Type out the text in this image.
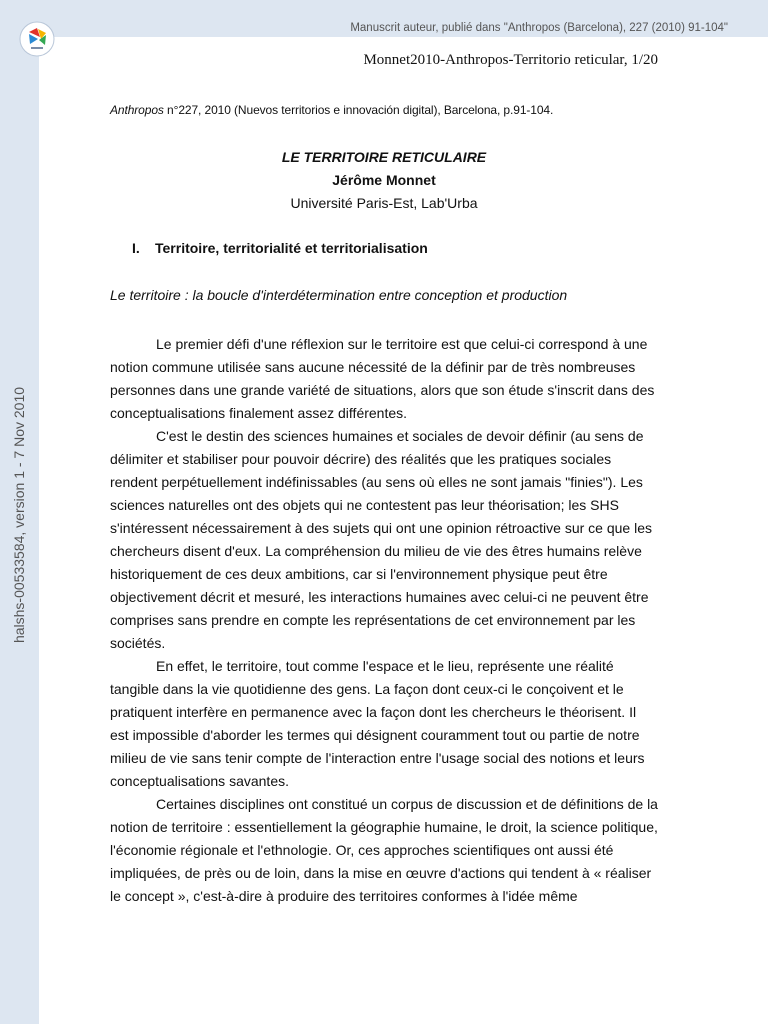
Manuscrit auteur, publié dans "Anthropos (Barcelona), 227 (2010) 91-104"
halshs-00533584, version 1 - 7 Nov 2010
Monnet2010-Anthropos-Territorio reticular, 1/20
Anthropos n°227, 2010 (Nuevos territorios e innovación digital), Barcelona, p.91-104.
LE TERRITOIRE RETICULAIRE
Jérôme Monnet
Université Paris-Est, Lab'Urba
I. Territoire, territorialité et territorialisation
Le territoire : la boucle d'interdétermination entre conception et production

Le premier défi d'une réflexion sur le territoire est que celui-ci correspond à une notion commune utilisée sans aucune nécessité de la définir par de très nombreuses personnes dans une grande variété de situations, alors que son étude s'inscrit dans des conceptualisations finalement assez différentes.

C'est le destin des sciences humaines et sociales de devoir définir (au sens de délimiter et stabiliser pour pouvoir décrire) des réalités que les pratiques sociales rendent perpétuellement indéfinissables (au sens où elles ne sont jamais "finies"). Les sciences naturelles ont des objets qui ne contestent pas leur théorisation; les SHS s'intéressent nécessairement à des sujets qui ont une opinion rétroactive sur ce que les chercheurs disent d'eux. La compréhension du milieu de vie des êtres humains relève historiquement de ces deux ambitions, car si l'environnement physique peut être objectivement décrit et mesuré, les interactions humaines avec celui-ci ne peuvent être comprises sans prendre en compte les représentations de cet environnement par les sociétés.

En effet, le territoire, tout comme l'espace et le lieu, représente une réalité tangible dans la vie quotidienne des gens. La façon dont ceux-ci le conçoivent et le pratiquent interfère en permanence avec la façon dont les chercheurs le théorisent. Il est impossible d'aborder les termes qui désignent couramment tout ou partie de notre milieu de vie sans tenir compte de l'interaction entre l'usage social des notions et leurs conceptualisations savantes.

Certaines disciplines ont constitué un corpus de discussion et de définitions de la notion de territoire : essentiellement la géographie humaine, le droit, la science politique, l'économie régionale et l'ethnologie. Or, ces approches scientifiques ont aussi été impliquées, de près ou de loin, dans la mise en œuvre d'actions qui tendent à « réaliser le concept », c'est-à-dire à produire des territoires conformes à l'idée même
